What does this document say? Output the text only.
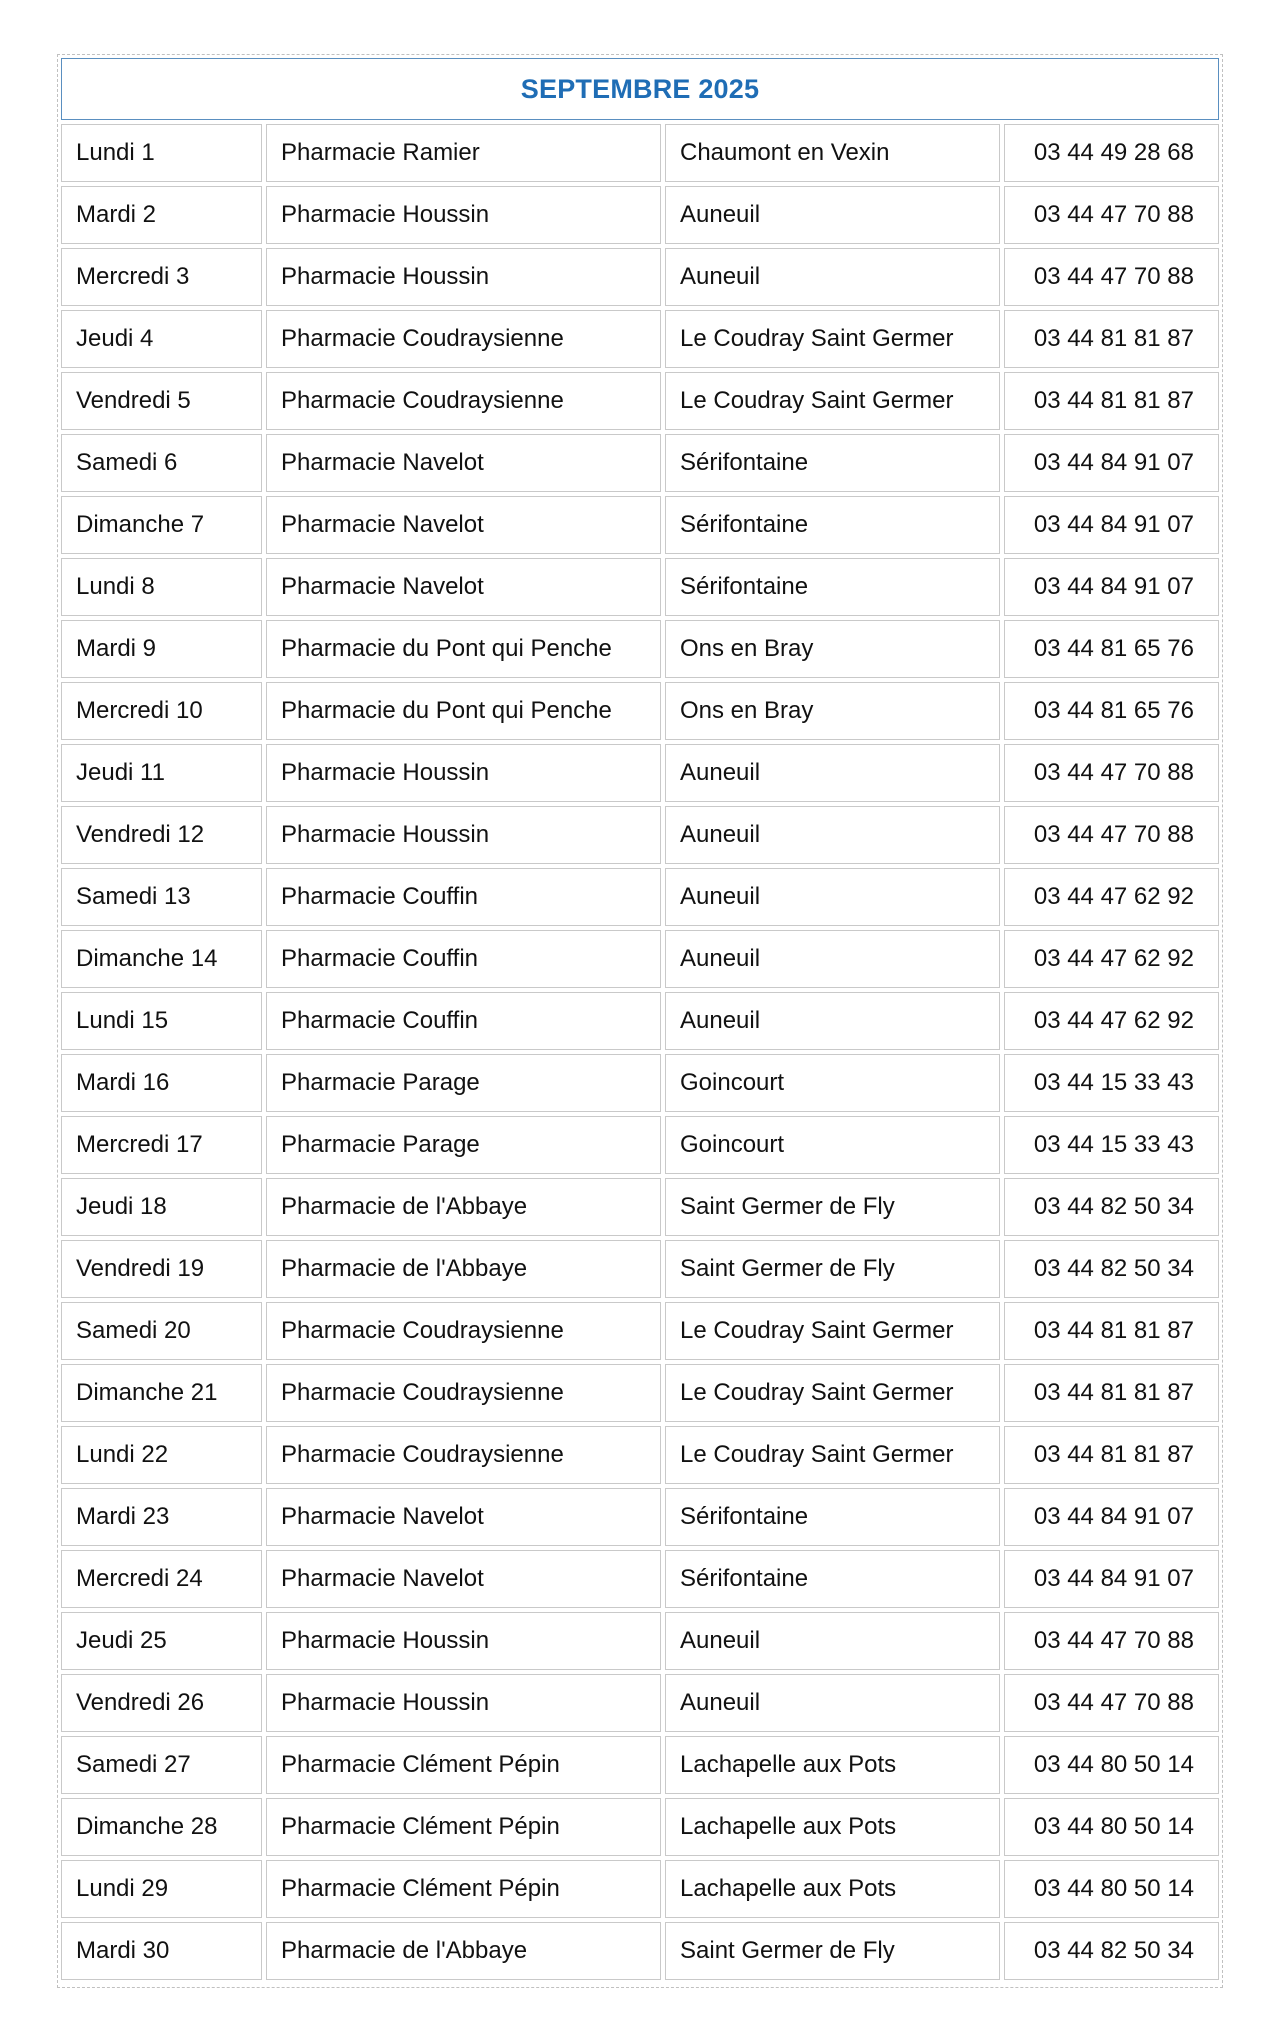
SEPTEMBRE 2025
Lundi 1	Pharmacie Ramier	Chaumont en Vexin	03 44 49 28 68
Mardi 2	Pharmacie Houssin	Auneuil	03 44 47 70 88
Mercredi 3	Pharmacie Houssin	Auneuil	03 44 47 70 88
Jeudi 4	Pharmacie Coudraysienne	Le Coudray Saint Germer	03 44 81 81 87
Vendredi 5	Pharmacie Coudraysienne	Le Coudray Saint Germer	03 44 81 81 87
Samedi 6	Pharmacie Navelot	Sérifontaine	03 44 84 91 07
Dimanche 7	Pharmacie Navelot	Sérifontaine	03 44 84 91 07
Lundi 8	Pharmacie Navelot	Sérifontaine	03 44 84 91 07
Mardi 9	Pharmacie du Pont qui Penche	Ons en Bray	03 44 81 65 76
Mercredi 10	Pharmacie du Pont qui Penche	Ons en Bray	03 44 81 65 76
Jeudi 11	Pharmacie Houssin	Auneuil	03 44 47 70 88
Vendredi 12	Pharmacie Houssin	Auneuil	03 44 47 70 88
Samedi 13	Pharmacie Couffin	Auneuil	03 44 47 62 92
Dimanche 14	Pharmacie Couffin	Auneuil	03 44 47 62 92
Lundi 15	Pharmacie Couffin	Auneuil	03 44 47 62 92
Mardi 16	Pharmacie Parage	Goincourt	03 44 15 33 43
Mercredi 17	Pharmacie Parage	Goincourt	03 44 15 33 43
Jeudi 18	Pharmacie de l'Abbaye	Saint Germer de Fly	03 44 82 50 34
Vendredi 19	Pharmacie de l'Abbaye	Saint Germer de Fly	03 44 82 50 34
Samedi 20	Pharmacie Coudraysienne	Le Coudray Saint Germer	03 44 81 81 87
Dimanche 21	Pharmacie Coudraysienne	Le Coudray Saint Germer	03 44 81 81 87
Lundi 22	Pharmacie Coudraysienne	Le Coudray Saint Germer	03 44 81 81 87
Mardi 23	Pharmacie Navelot	Sérifontaine	03 44 84 91 07
Mercredi 24	Pharmacie Navelot	Sérifontaine	03 44 84 91 07
Jeudi 25	Pharmacie Houssin	Auneuil	03 44 47 70 88
Vendredi 26	Pharmacie Houssin	Auneuil	03 44 47 70 88
Samedi 27	Pharmacie Clément Pépin	Lachapelle aux Pots	03 44 80 50 14
Dimanche 28	Pharmacie Clément Pépin	Lachapelle aux Pots	03 44 80 50 14
Lundi 29	Pharmacie Clément Pépin	Lachapelle aux Pots	03 44 80 50 14
Mardi 30	Pharmacie de l'Abbaye	Saint Germer de Fly	03 44 82 50 34
